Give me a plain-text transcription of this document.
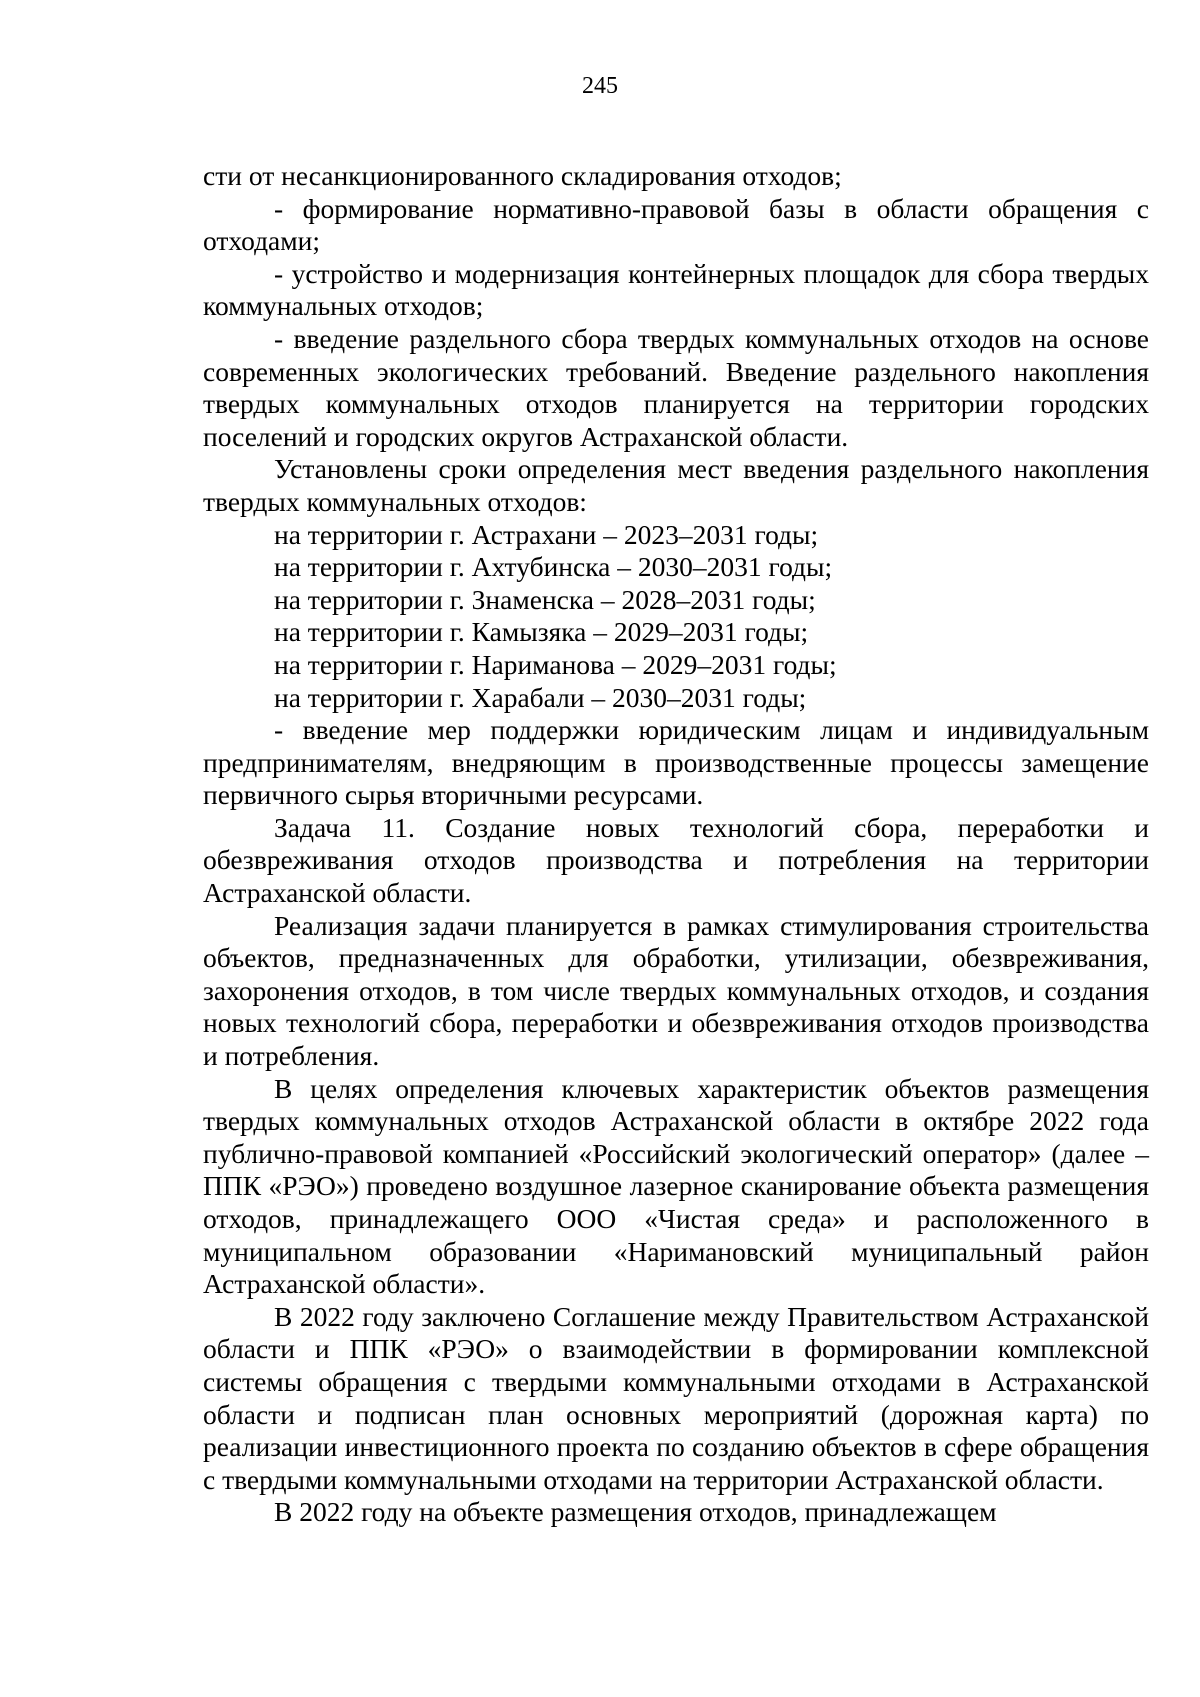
245

сти от несанкционированного складирования отходов;

- формирование нормативно-правовой базы в области обращения с отходами;

- устройство и модернизация контейнерных площадок для сбора твердых коммунальных отходов;

- введение раздельного сбора твердых коммунальных отходов на основе современных экологических требований. Введение раздельного накопления твердых коммунальных отходов планируется на территории городских поселений и городских округов Астраханской области.

Установлены сроки определения мест введения раздельного накопления твердых коммунальных отходов:

на территории г. Астрахани – 2023–2031 годы;

на территории г. Ахтубинска – 2030–2031 годы;

на территории г. Знаменска – 2028–2031 годы;

на территории г. Камызяка – 2029–2031 годы;

на территории г. Нариманова – 2029–2031 годы;

на территории г. Харабали – 2030–2031 годы;

- введение мер поддержки юридическим лицам и индивидуальным предпринимателям, внедряющим в производственные процессы замещение первичного сырья вторичными ресурсами.

Задача 11. Создание новых технологий сбора, переработки и обезвреживания отходов производства и потребления на территории Астраханской области.

Реализация задачи планируется в рамках стимулирования строительства объектов, предназначенных для обработки, утилизации, обезвреживания, захоронения отходов, в том числе твердых коммунальных отходов, и создания новых технологий сбора, переработки и обезвреживания отходов производства и потребления.

В целях определения ключевых характеристик объектов размещения твердых коммунальных отходов Астраханской области в октябре 2022 года публично-правовой компанией «Российский экологический оператор» (далее – ППК «РЭО») проведено воздушное лазерное сканирование объекта размещения отходов, принадлежащего ООО «Чистая среда» и расположенного в муниципальном образовании «Наримановский муниципальный район Астраханской области».

В 2022 году заключено Соглашение между Правительством Астраханской области и ППК «РЭО» о взаимодействии в формировании комплексной системы обращения с твердыми коммунальными отходами в Астраханской области и подписан план основных мероприятий (дорожная карта) по реализации инвестиционного проекта по созданию объектов в сфере обращения с твердыми коммунальными отходами на территории Астраханской области.

В 2022 году на объекте размещения отходов, принадлежащем
